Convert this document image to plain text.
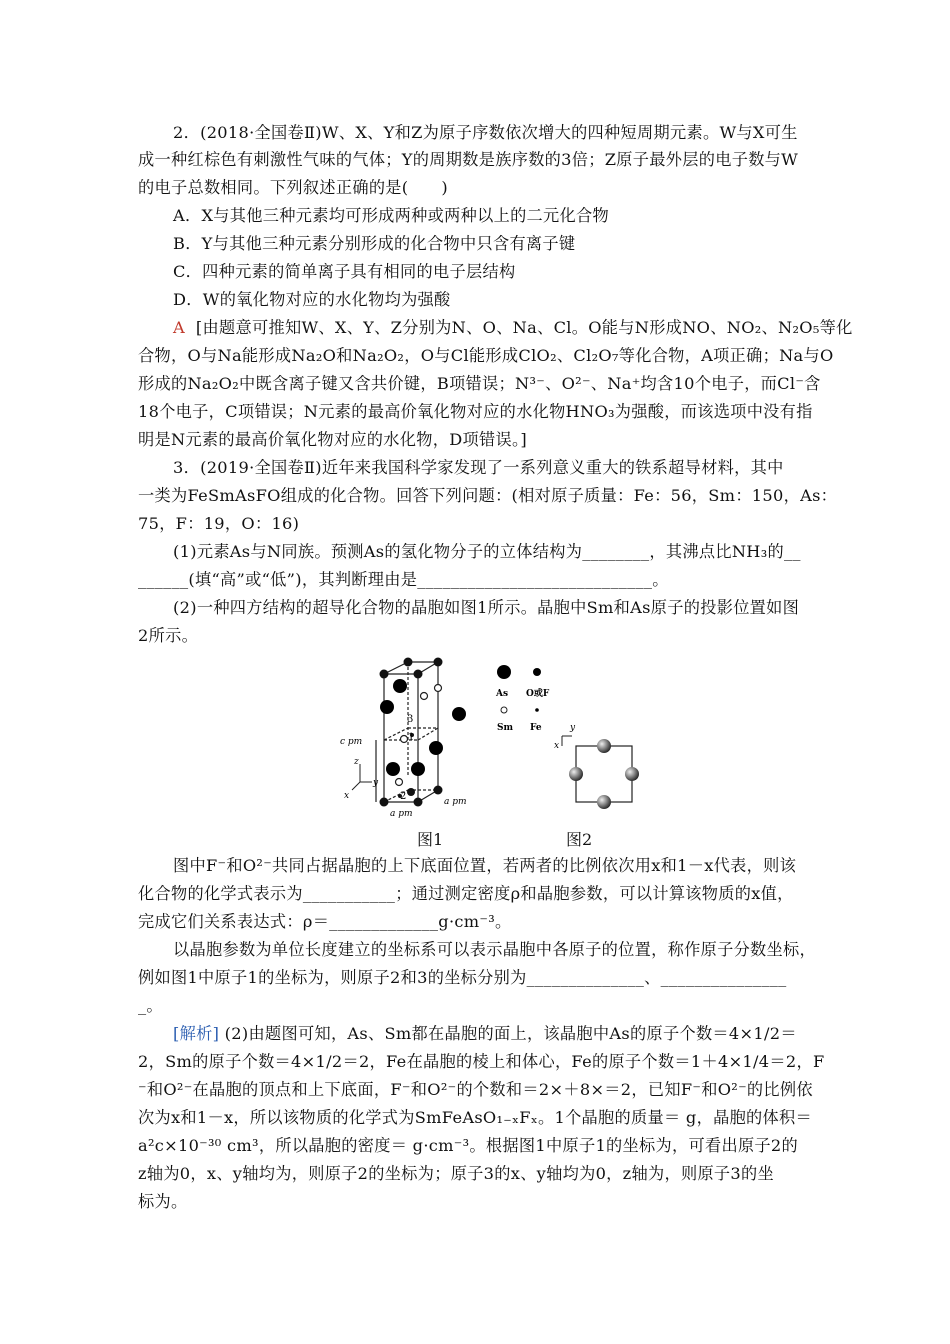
2．(2018·全国卷Ⅱ)W、X、Y和Z为原子序数依次增大的四种短周期元素。W与X可生
成一种红棕色有刺激性气味的气体；Y的周期数是族序数的3倍；Z原子最外层的电子数与W
的电子总数相同。下列叙述正确的是(　　)
A．X与其他三种元素均可形成两种或两种以上的二元化合物
B．Y与其他三种元素分别形成的化合物中只含有离子键
C．四种元素的简单离子具有相同的电子层结构
D．W的氧化物对应的水化物均为强酸
A [由题意可推知W、X、Y、Z分别为N、O、Na、Cl。O能与N形成NO、NO₂、N₂O₅等化
合物，O与Na能形成Na₂O和Na₂O₂，O与Cl能形成ClO₂、Cl₂O₇等化合物，A项正确；Na与O
形成的Na₂O₂中既含离子键又含共价键，B项错误；N³⁻、O²⁻、Na⁺均含10个电子，而Cl⁻含
18个电子，C项错误；N元素的最高价氧化物对应的水化物HNO₃为强酸，而该选项中没有指
明是N元素的最高价氧化物对应的水化物，D项错误。]
3．(2019·全国卷Ⅱ)近年来我国科学家发现了一系列意义重大的铁系超导材料，其中
一类为FeSmAsFO组成的化合物。回答下列问题：(相对原子质量：Fe：56，Sm：150，As：
75，F：19，O：16)
(1)元素As与N同族。预测As的氢化物分子的立体结构为________，其沸点比NH₃的__
______(填“高”或“低”)，其判断理由是____________________________。
(2)一种四方结构的超导化合物的晶胞如图1所示。晶胞中Sm和As原子的投影位置如图
2所示。
3
1
2
c pm
a pm
a pm
z
y
x
As O或F
Sm Fe	y
x
图1	图2
图中F⁻和O²⁻共同占据晶胞的上下底面位置，若两者的比例依次用x和1－x代表，则该
化合物的化学式表示为___________；通过测定密度ρ和晶胞参数，可以计算该物质的x值，
完成它们关系表达式：ρ＝_____________g·cm⁻³。
以晶胞参数为单位长度建立的坐标系可以表示晶胞中各原子的位置，称作原子分数坐标，
例如图1中原子1的坐标为，则原子2和3的坐标分别为______________、_______________
_。
[解析] (2)由题图可知，As、Sm都在晶胞的面上，该晶胞中As的原子个数＝4×1/2＝
2，Sm的原子个数＝4×1/2＝2，Fe在晶胞的棱上和体心，Fe的原子个数＝1＋4×1/4＝2，F
⁻和O²⁻在晶胞的顶点和上下底面，F⁻和O²⁻的个数和＝2×＋8×＝2，已知F⁻和O²⁻的比例依
次为x和1－x，所以该物质的化学式为SmFeAsO₁₋ₓFₓ。1个晶胞的质量＝ g，晶胞的体积＝
a²c×10⁻³⁰ cm³，所以晶胞的密度＝ g·cm⁻³。根据图1中原子1的坐标为，可看出原子2的
z轴为0，x、y轴均为，则原子2的坐标为；原子3的x、y轴均为0，z轴为，则原子3的坐
标为。
